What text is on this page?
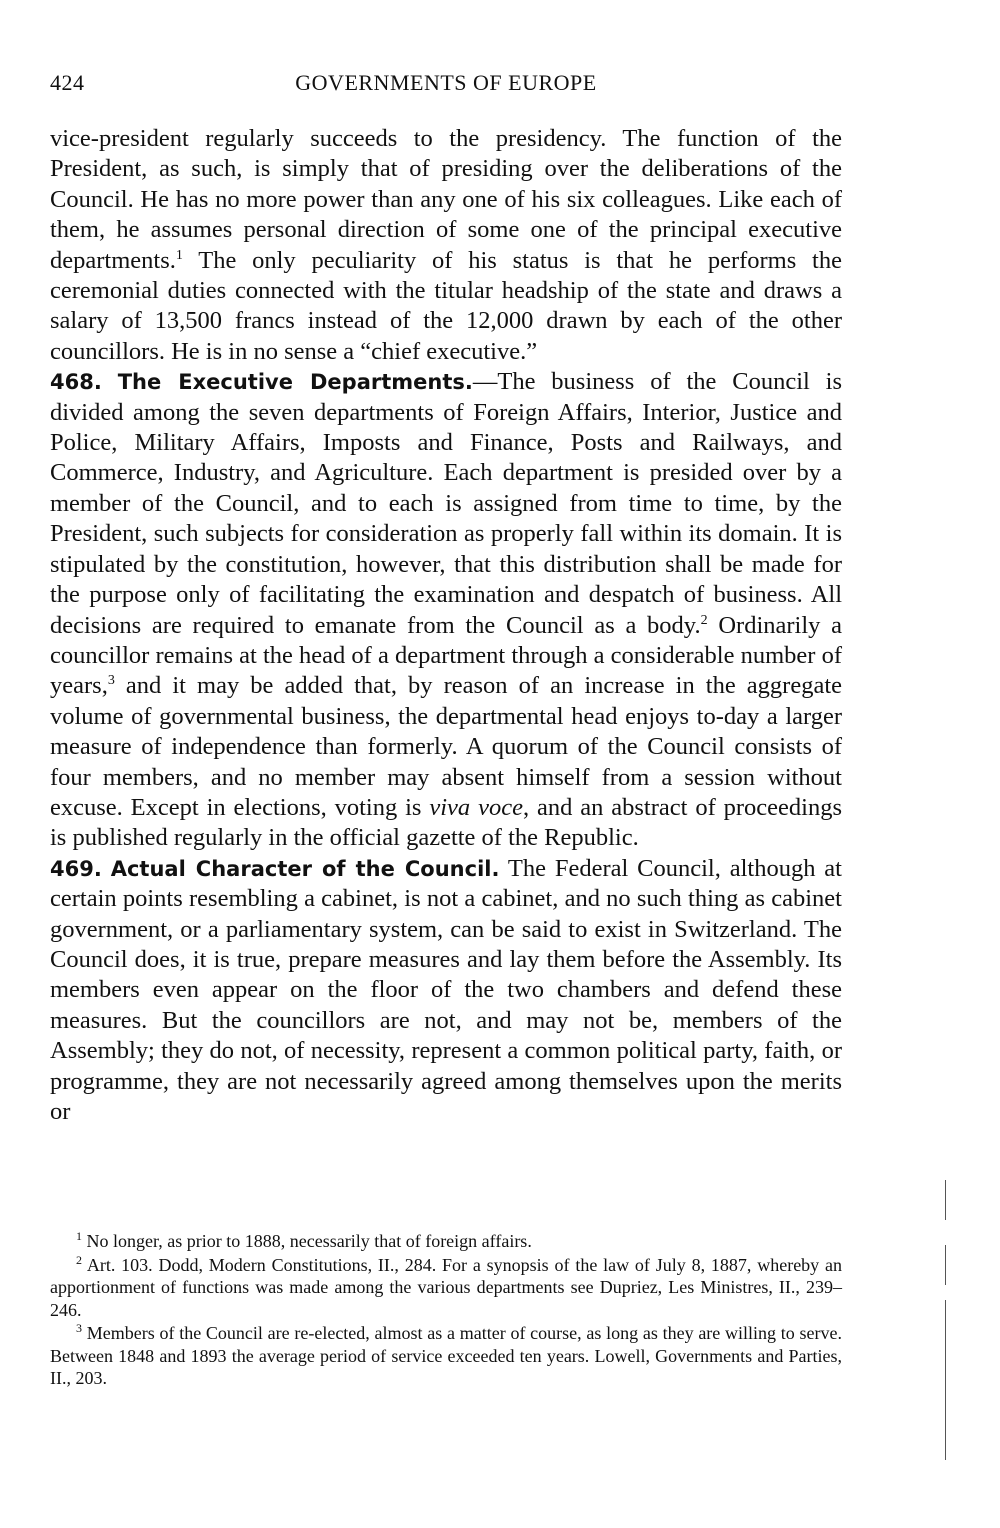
424	GOVERNMENTS OF EUROPE

vice-president regularly succeeds to the presidency. The function of the President, as such, is simply that of presiding over the deliberations of the Council. He has no more power than any one of his six colleagues. Like each of them, he assumes personal direction of some one of the principal executive departments.$^1$ The only peculiarity of his status is that he performs the ceremonial duties connected with the titular headship of the state and draws a salary of 13,500 francs instead of the 12,000 drawn by each of the other councillors. He is in no sense a “chief executive.”

468. The Executive Departments.—The business of the Council is divided among the seven departments of Foreign Affairs, Interior, Justice and Police, Military Affairs, Imposts and Finance, Posts and Railways, and Commerce, Industry, and Agriculture. Each department is presided over by a member of the Council, and to each is assigned from time to time, by the President, such subjects for consideration as properly fall within its domain. It is stipulated by the constitution, however, that this distribution shall be made for the purpose only of facilitating the examination and despatch of business. All decisions are required to emanate from the Council as a body.$^2$ Ordinarily a councillor remains at the head of a department through a considerable number of years,$^3$ and it may be added that, by reason of an increase in the aggregate volume of governmental business, the departmental head enjoys to-day a larger measure of independence than formerly. A quorum of the Council consists of four members, and no member may absent himself from a session without excuse. Except in elections, voting is viva voce, and an abstract of proceedings is published regularly in the official gazette of the Republic.

469. Actual Character of the Council. The Federal Council, although at certain points resembling a cabinet, is not a cabinet, and no such thing as cabinet government, or a parliamentary system, can be said to exist in Switzerland. The Council does, it is true, prepare measures and lay them before the Assembly. Its members even appear on the floor of the two chambers and defend these measures. But the councillors are not, and may not be, members of the Assembly; they do not, of necessity, represent a common political party, faith, or programme, they are not necessarily agreed among themselves upon the merits or

$^1$ No longer, as prior to 1888, necessarily that of foreign affairs.

$^2$ Art. 103. Dodd, Modern Constitutions, II., 284. For a synopsis of the law of July 8, 1887, whereby an apportionment of functions was made among the various departments see Dupriez, Les Ministres, II., 239–246.

$^3$ Members of the Council are re-elected, almost as a matter of course, as long as they are willing to serve. Between 1848 and 1893 the average period of service exceeded ten years. Lowell, Governments and Parties, II., 203.
